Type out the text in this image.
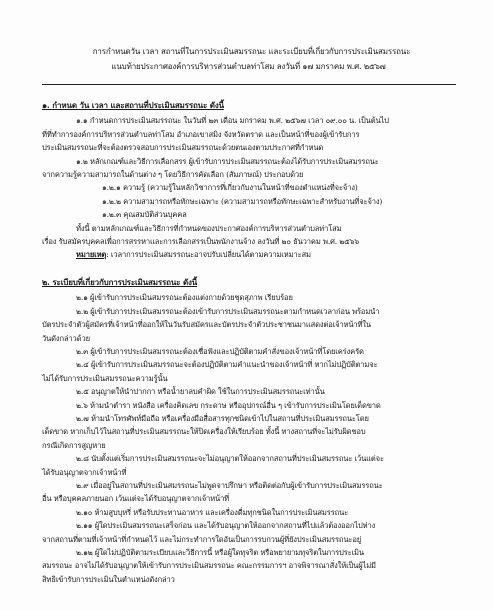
การกำหนดวัน เวลา สถานที่ในการประเมินสมรรถนะ และระเบียบที่เกี่ยวกับการประเมินสมรรถนะ
แนบท้ายประกาศองค์การบริหารส่วนตำบลท่าโสม ลงวันที่ ๑๗ มกราคม พ.ศ. ๒๕๖๗
๑. กำหนด วัน เวลา และสถานที่ประเมินสมรรถนะ ดังนี้
๑.๑ กำหนดการประเมินสมรรถนะ ในวันที่ ๒๓ เดือน มกราคม พ.ศ. ๒๕๖๗ เวลา ๐๙.๐๐ น. เป็นต้นไป
ที่ที่ทำการองค์การบริหารส่วนตำบลท่าโสม อำเภอเขาสมิง จังหวัดตราด และเป็นหน้าที่ของผู้เข้ารับการ
ประเมินสมรรถนะที่จะต้องตรวจสอบการประเมินสมรรถนะด้วยตนเองตามประกาศที่กำหนด
๑.๒ หลักเกณฑ์และวิธีการเลือกสรร ผู้เข้ารับการประเมินสมรรถนะต้องได้รับการประเมินสมรรถนะ
จากความรู้ความสามารถในด้านต่าง ๆ โดยวิธีการคัดเลือก (สัมภาษณ์) ประกอบด้วย
๑.๒.๑ ความรู้ (ความรู้ในหลักวิชาการที่เกี่ยวกับงานในหน้าที่ของตำแหน่งที่จะจ้าง)
๑.๒.๒ ความสามารถหรือทักษะเฉพาะ (ความสามารถหรือทักษะเฉพาะสำหรับงานที่จะจ้าง)
๑.๒.๓ คุณสมบัติส่วนบุคคล
ทั้งนี้ ตามหลักเกณฑ์และวิธีการที่กำหนดของประกาศองค์การบริหารส่วนตำบลท่าโสม
เรื่อง รับสมัครบุคคลเพื่อการสรรหาและการเลือกสรรเป็นพนักงานจ้าง ลงวันที่ ๒๐ ธันวาคม พ.ศ. ๒๕๖๖
หมายเหตุ: เวลาการประเมินสมรรถนะอาจปรับเปลี่ยนได้ตามความเหมาะสม
๒. ระเบียบที่เกี่ยวกับการประเมินสมรรถนะ ดังนี้
๒.๑ ผู้เข้ารับการประเมินสมรรถนะต้องแต่งกายด้วยชุดสุภาพ เรียบร้อย
๒.๒ ผู้เข้ารับการประเมินสมรรถนะต้องเข้ารับการประเมินสมรรถนะตามกำหนดเวลาก่อน พร้อมนำ
บัตรประจำตัวผู้สมัครที่เจ้าหน้าที่ออกให้ในวันรับสมัครและบัตรประจำตัวประชาชนมาแสดงต่อเจ้าหน้าที่ใน
วันดังกล่าวด้วย
๒.๓ ผู้เข้ารับการประเมินสมรรถนะต้องเชื่อฟังและปฏิบัติตามคำสั่งของเจ้าหน้าที่โดยเคร่งครัด
๒.๔ ผู้เข้ารับการประเมินสมรรถนะจะต้องปฏิบัติตามคำแนะนำของเจ้าหน้าที่ หากไม่ปฏิบัติตามจะ
ไม่ได้รับการประเมินสมรรถนะความรู้นั้น
๒.๕ อนุญาตให้นำปากกา หรือน้ำยาลบคำผิด ใช้ในการประเมินสมรรถนะเท่านั้น
๒.๖ ห้ามนำตำรา หนังสือ เครื่องคิดเลข กระดาษ หรืออุปกรณ์อื่น ๆ เข้ารับการประเมินโดยเด็ดขาด
๒.๗ ห้ามนำโทรศัพท์มือถือ หรือเครื่องมือสื่อสารทุกชนิดเข้าไปในสถานที่ประเมินสมรรถนะโดย
เด็ดขาด หากเก็บไว้ในสถานที่ประเมินสมรรถนะให้ปิดเครื่องให้เรียบร้อย ทั้งนี้ ทางสถานที่จะไม่รับผิดชอบ
กรณีเกิดการสูญหาย
๒.๘ นับตั้งแต่เริ่มการประเมินสมรรถนะจะไม่อนุญาตให้ออกจากสถานที่ประเมินสมรรถนะ เว้นแต่จะ
ได้รับอนุญาตจากเจ้าหน้าที่
๒.๙ เมื่ออยู่ในสถานที่ประเมินสมรรถนะไม่พูดจาปรึกษา หรือติดต่อกับผู้เข้ารับการประเมินสมรรถนะ
อื่น หรือบุคคลภายนอก เว้นแต่จะได้รับอนุญาตจากเจ้าหน้าที่
๒.๑๐ ห้ามสูบบุหรี่ หรือรับประทานอาหาร และเครื่องดื่มทุกชนิดในการประเมินสมรรถนะ
๒.๑๑ ผู้ใดประเมินสมรรถนะเสร็จก่อน และได้รับอนุญาตให้ออกจากสถานที่ไปแล้วต้องออกไปห่าง
จากสถานที่ตามที่เจ้าหน้าที่กำหนดไว้ และไม่กระทำการใดอันเป็นการรบกวนผู้ที่ยังประเมินสมรรถนะอยู่
๒.๑๒ ผู้ใดไม่ปฏิบัติตามระเบียบและวิธีการนี้ หรือผู้ใดทุจริต หรือพยายามทุจริตในการประเมิน
สมรรถนะ อาจไม่ได้รับอนุญาตให้เข้ารับการประเมินสมรรถนะ คณะกรรมการฯ อาจพิจารณาสั่งให้เป็นผู้ไม่มี
สิทธิเข้ารับการประเมินในตำแหน่งดังกล่าว
